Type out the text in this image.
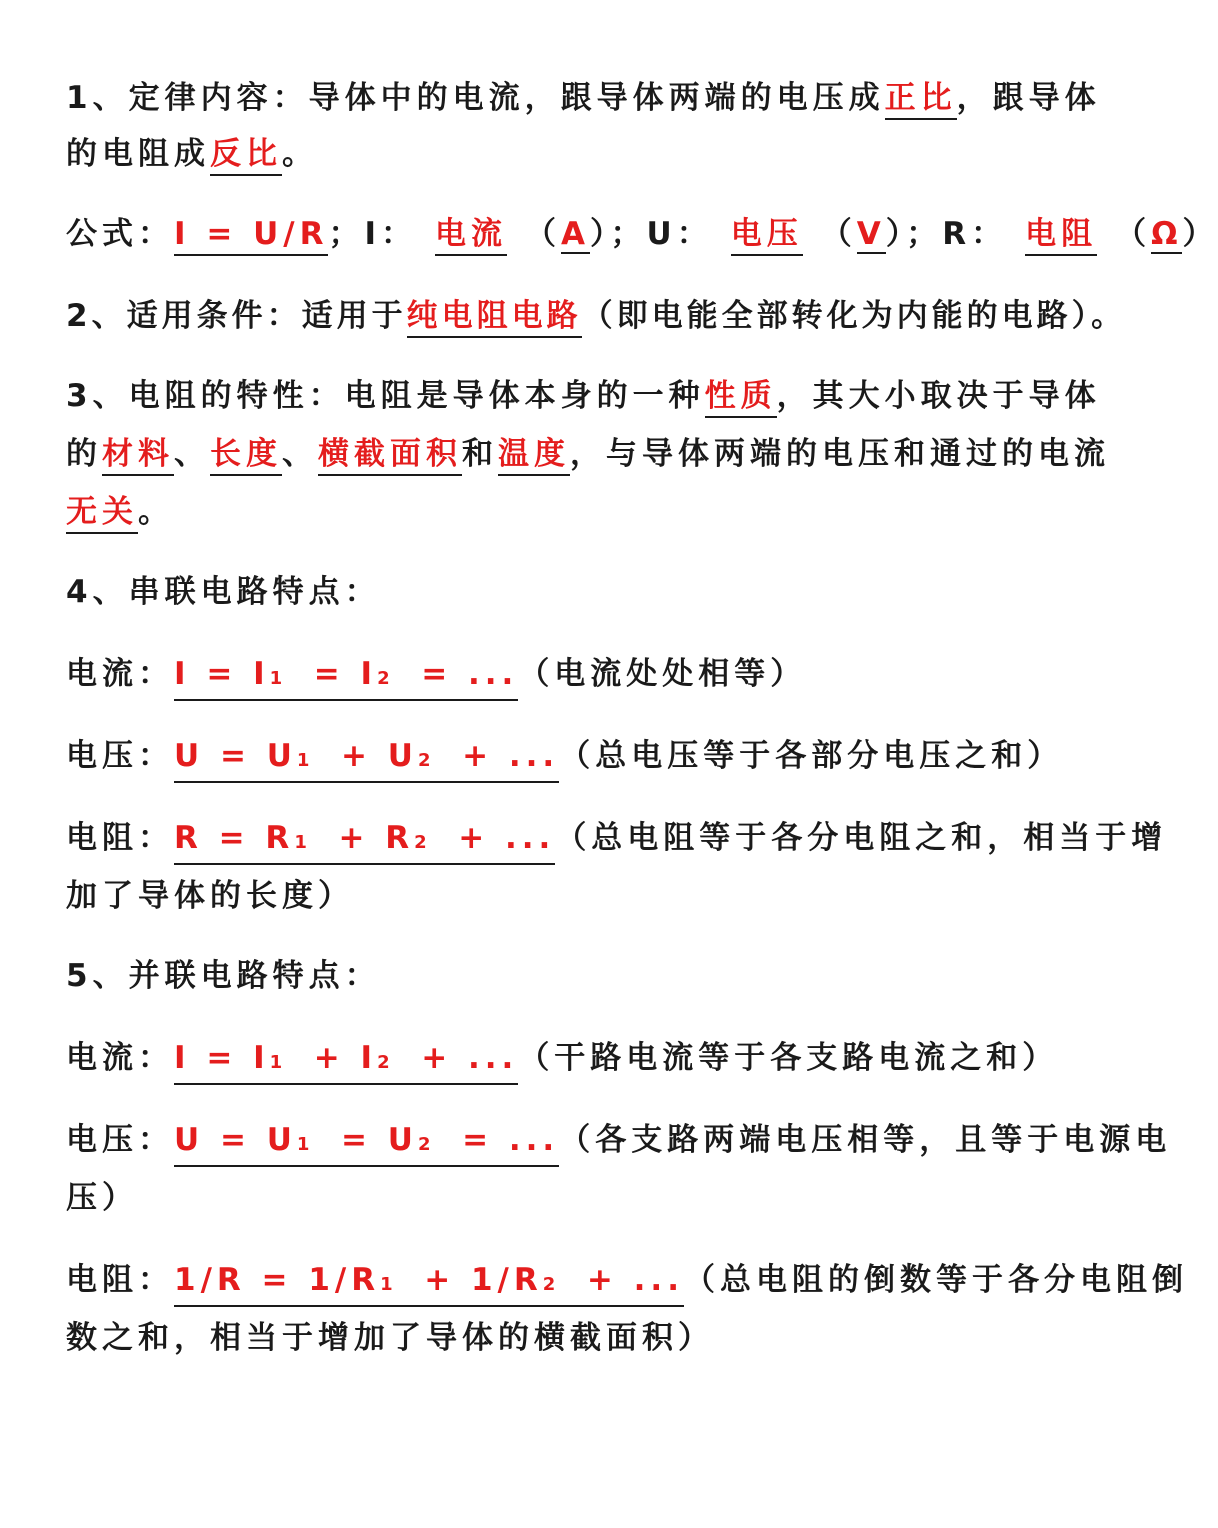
1、定律内容：导体中的电流，跟导体两端的电压成正比，跟导体
的电阻成反比。
公式：I = U/R；I： 电流 （A）；U： 电压 （V）；R： 电阻 （Ω）
2、适用条件：适用于纯电阻电路（即电能全部转化为内能的电路）。
3、电阻的特性：电阻是导体本身的一种性质，其大小取决于导体
的材料、长度、横截面积和温度，与导体两端的电压和通过的电流
无关。
4、串联电路特点：
电流：I = I1 = I2 = ...（电流处处相等）
电压：U = U1 + U2 + ...（总电压等于各部分电压之和）
电阻：R = R1 + R2 + ...（总电阻等于各分电阻之和，相当于增
加了导体的长度）
5、并联电路特点：
电流：I = I1 + I2 + ...（干路电流等于各支路电流之和）
电压：U = U1 = U2 = ...（各支路两端电压相等，且等于电源电
压）
电阻：1/R = 1/R1 + 1/R2 + ...（总电阻的倒数等于各分电阻倒
数之和，相当于增加了导体的横截面积）
